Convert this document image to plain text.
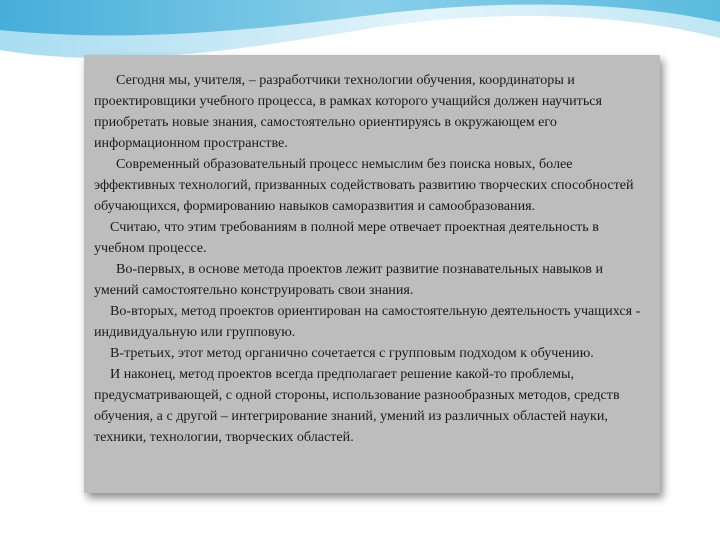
Сегодня мы, учителя, – разработчики технологии обучения, координаторы и проектировщики учебного процесса, в рамках которого учащийся должен научиться приобретать новые знания, самостоятельно ориентируясь в окружающем его информационном пространстве.

Современный образовательный процесс немыслим без поиска новых, более эффективных технологий, призванных содействовать развитию творческих способностей обучающихся, формированию навыков саморазвития и самообразования.

Считаю, что этим требованиям в полной мере отвечает проектная деятельность в учебном процессе.

Во-первых, в основе метода проектов лежит развитие познавательных навыков и умений самостоятельно конструировать свои знания.

Во-вторых, метод проектов ориентирован на самостоятельную деятельность учащихся - индивидуальную или групповую.

В-третьих, этот метод органично сочетается с групповым подходом к обучению.

И наконец, метод проектов всегда предполагает решение какой-то проблемы, предусматривающей, с одной стороны, использование разнообразных методов, средств обучения, а с другой – интегрирование знаний, умений из различных областей науки, техники, технологии, творческих областей.
